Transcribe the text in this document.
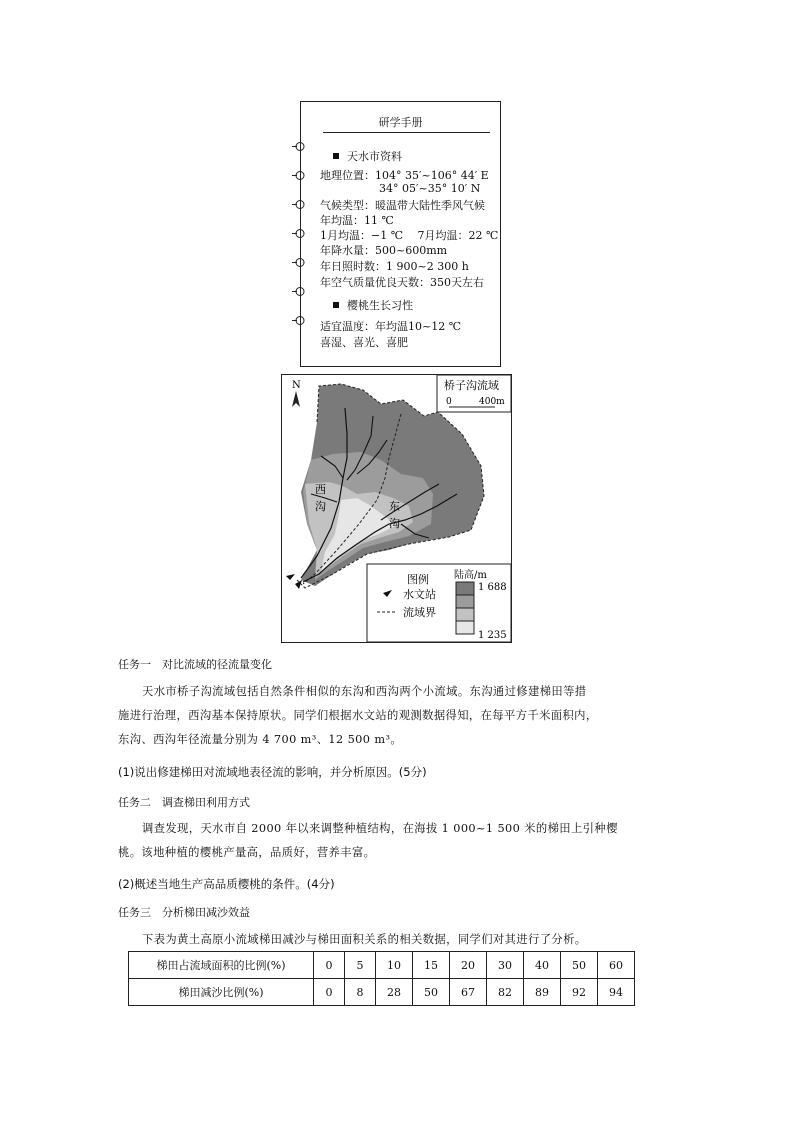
研学手册
天水市资料
地理位置：104° 35′~106° 44′ E
34° 05′~35° 10′ N
气候类型：暖温带大陆性季风气候
年均温：11 ℃
1月均温：−1 ℃　 7月均温：22 ℃
年降水量：500~600mm
年日照时数：1 900~2 300 h
年空气质量优良天数：350天左右
樱桃生长习性
适宜温度：年均温10~12 ℃
喜湿、喜光、喜肥
N	桥子沟流域
0	400m
西
沟	东
沟
图例
水文站
流域界
陆高/m
1 688
1 235
任务一　对比流域的径流量变化

天水市桥子沟流域包括自然条件相似的东沟和西沟两个小流域。东沟通过修建梯田等措

施进行治理，西沟基本保持原状。同学们根据水文站的观测数据得知，在每平方千米面积内，

东沟、西沟年径流量分别为 4 700 m³、12 500 m³。

(1)说出修建梯田对流域地表径流的影响，并分析原因。(5分)
任务二　调查梯田利用方式

调查发现，天水市自 2000 年以来调整种植结构，在海拔 1 000~1 500 米的梯田上引种樱

桃。该地种植的樱桃产量高，品质好，营养丰富。

(2)概述当地生产高品质樱桃的条件。(4分)
任务三　分析梯田减沙效益

下表为黄土高原小流域梯田减沙与梯田面积关系的相关数据，同学们对其进行了分析。

梯田占流域面积的比例(%)	0	5	10	15	20	30	40	50	60
梯田减沙比例(%)	0	8	28	50	67	82	89	92	94
